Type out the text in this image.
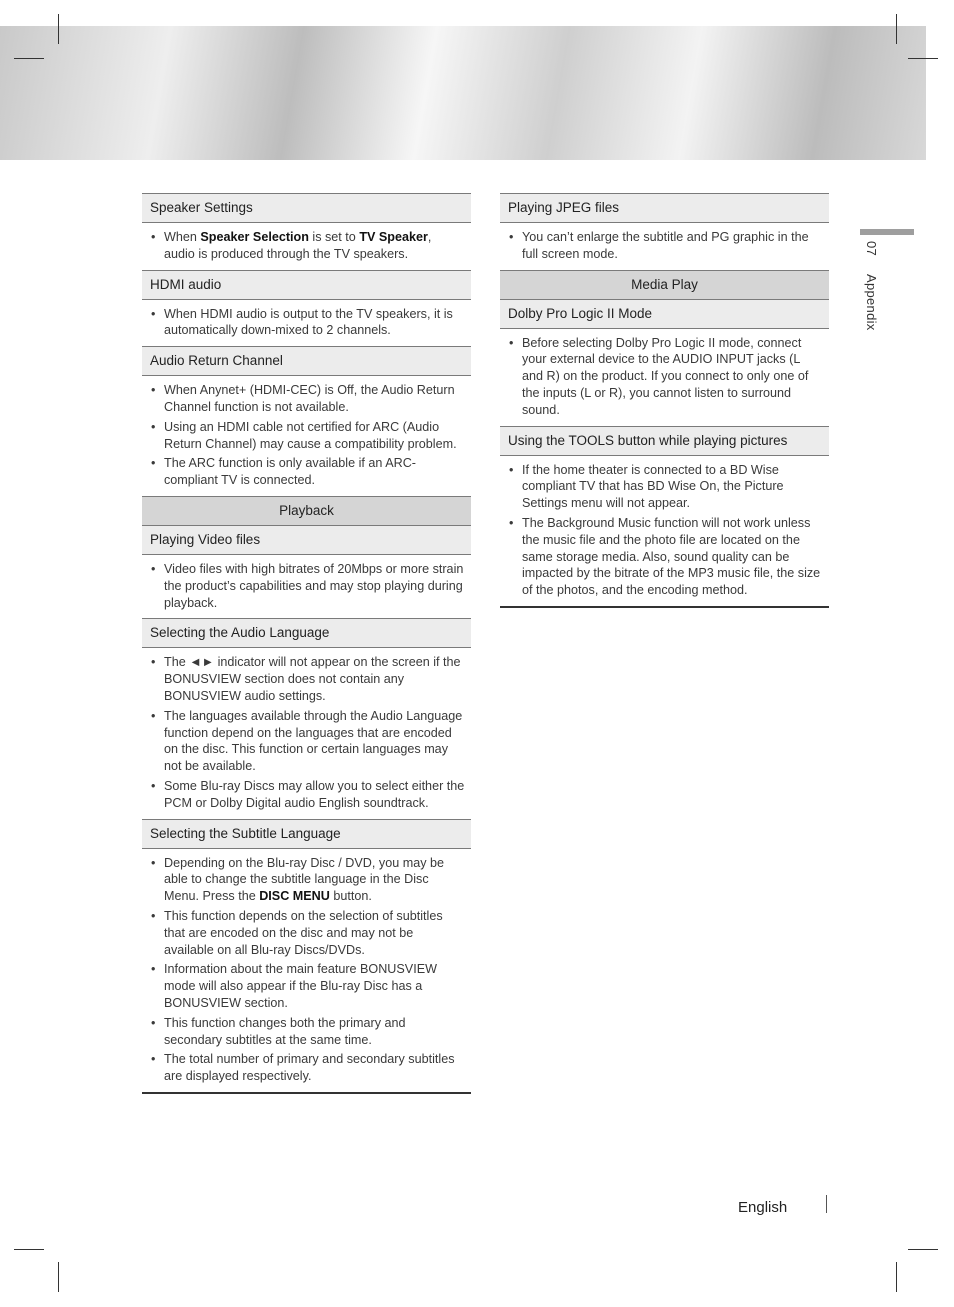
Speaker Settings
• When Speaker Selection is set to TV Speaker, audio is produced through the TV speakers.
HDMI audio
• When HDMI audio is output to the TV speakers, it is automatically down-mixed to 2 channels.
Audio Return Channel
• When Anynet+ (HDMI-CEC) is Off, the Audio Return Channel function is not available.
• Using an HDMI cable not certified for ARC (Audio Return Channel) may cause a compatibility problem.
• The ARC function is only available if an ARC-compliant TV is connected.
Playback
Playing Video files
• Video files with high bitrates of 20Mbps or more strain the product’s capabilities and may stop playing during playback.
Selecting the Audio Language
• The ◄► indicator will not appear on the screen if the BONUSVIEW section does not contain any BONUSVIEW audio settings.
• The languages available through the Audio Language function depend on the languages that are encoded on the disc. This function or certain languages may not be available.
• Some Blu-ray Discs may allow you to select either the PCM or Dolby Digital audio English soundtrack.
Selecting the Subtitle Language
• Depending on the Blu-ray Disc / DVD, you may be able to change the subtitle language in the Disc Menu. Press the DISC MENU button.
• This function depends on the selection of subtitles that are encoded on the disc and may not be available on all Blu-ray Discs/DVDs.
• Information about the main feature BONUSVIEW mode will also appear if the Blu-ray Disc has a BONUSVIEW section.
• This function changes both the primary and secondary subtitles at the same time.
• The total number of primary and secondary subtitles are displayed respectively.
Playing JPEG files
• You can’t enlarge the subtitle and PG graphic in the full screen mode.
Media Play
Dolby Pro Logic II Mode
• Before selecting Dolby Pro Logic II mode, connect your external device to the AUDIO INPUT jacks (L and R) on the product. If you connect to only one of the inputs (L or R), you cannot listen to surround sound.
Using the TOOLS button while playing pictures
• If the home theater is connected to a BD Wise compliant TV that has BD Wise On, the Picture Settings menu will not appear.
• The Background Music function will not work unless the music file and the photo file are located on the same storage media. Also, sound quality can be impacted by the bitrate of the MP3 music file, the size of the photos, and the encoding method.
07 Appendix
English
